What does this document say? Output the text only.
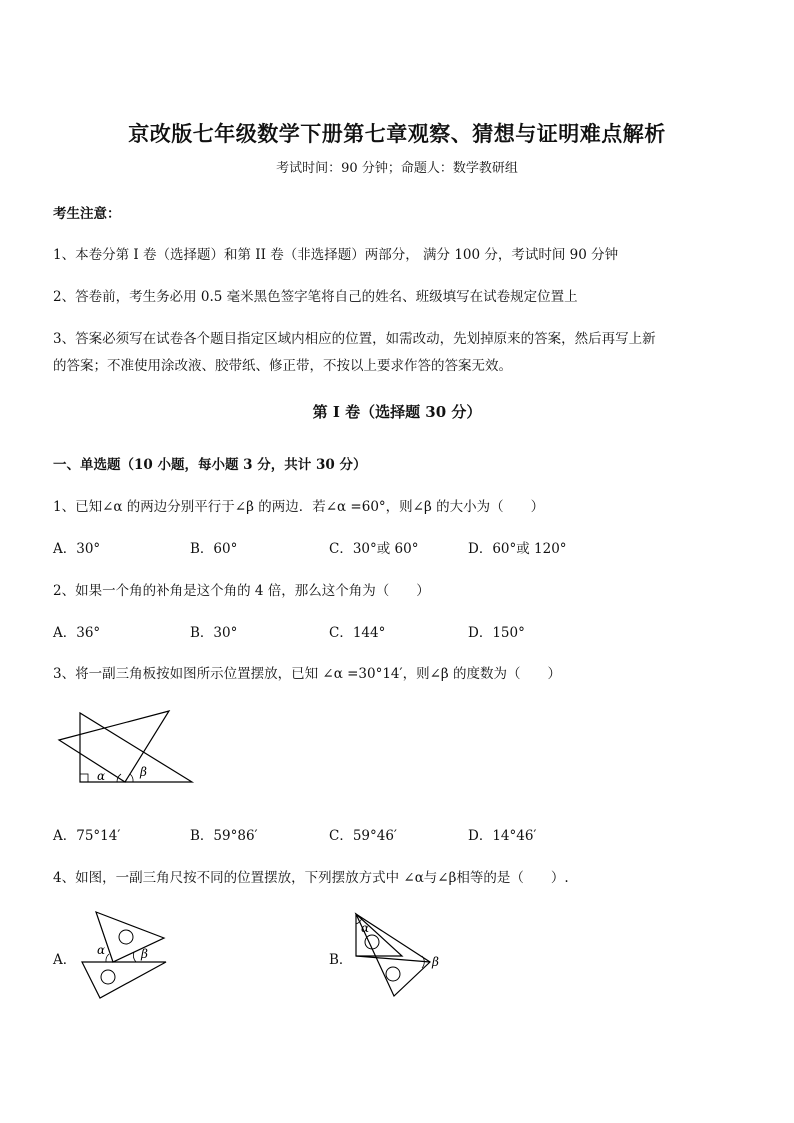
京改版七年级数学下册第七章观察、猜想与证明难点解析
考试时间：90 分钟；命题人：数学教研组
考生注意：
1、本卷分第 I 卷（选择题）和第 II 卷（非选择题）两部分， 满分 100 分，考试时间 90 分钟
2、答卷前，考生务必用 0.5 毫米黑色签字笔将自己的姓名、班级填写在试卷规定位置上
3、答案必须写在试卷各个题目指定区域内相应的位置，如需改动，先划掉原来的答案，然后再写上新
的答案；不准使用涂改液、胶带纸、修正带，不按以上要求作答的答案无效。
第 I 卷（选择题 30 分）
一、单选题（10 小题，每小题 3 分，共计 30 分）
1、已知∠α 的两边分别平行于∠β 的两边．若∠α =60°，则∠β 的大小为（　　）
A．30°	B．60°	C．30°或 60°	D．60°或 120°
2、如果一个角的补角是这个角的 4 倍，那么这个角为（　　）
A．36°	B．30°	C．144°	D．150°
3、将一副三角板按如图所示位置摆放，已知 ∠α =30°14′，则∠β 的度数为（　　）
α	β
A．75°14′	B．59°86′	C．59°46′	D．14°46′
4、如图，一副三角尺按不同的位置摆放，下列摆放方式中 ∠α与∠β相等的是（　　）.
A．
α	β	B．
α
β
